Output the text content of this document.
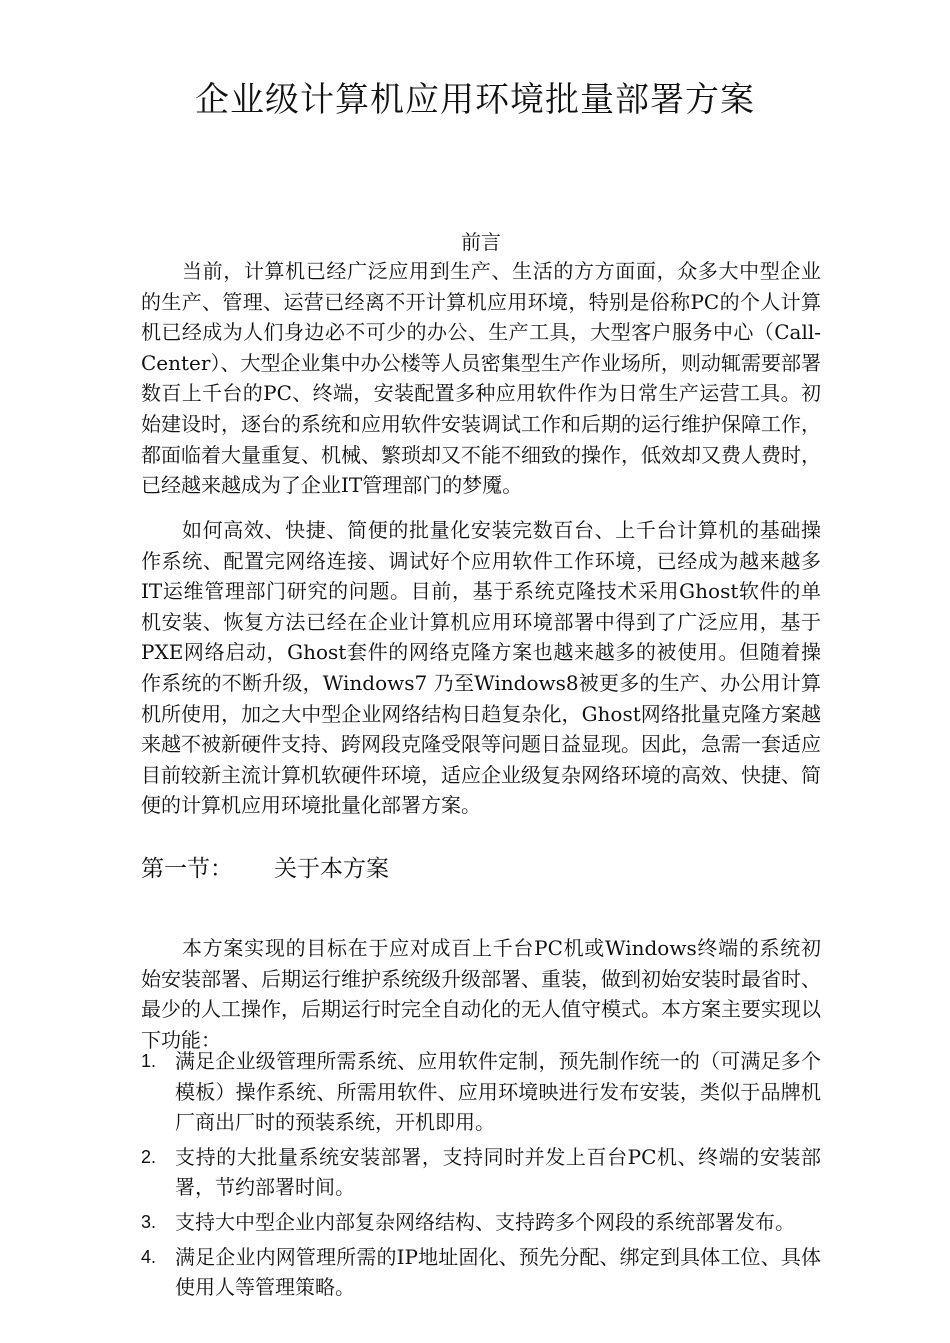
企业级计算机应用环境批量部署方案
前言

当前，计算机已经广泛应用到生产、生活的方方面面，众多大中型企业的生产、管理、运营已经离不开计算机应用环境，特别是俗称PC的个人计算机已经成为人们身边必不可少的办公、生产工具，大型客户服务中心（Call-Center）、大型企业集中办公楼等人员密集型生产作业场所，则动辄需要部署数百上千台的PC、终端，安装配置多种应用软件作为日常生产运营工具。初始建设时，逐台的系统和应用软件安装调试工作和后期的运行维护保障工作，都面临着大量重复、机械、繁琐却又不能不细致的操作，低效却又费人费时，已经越来越成为了企业IT管理部门的梦魇。

如何高效、快捷、简便的批量化安装完数百台、上千台计算机的基础操作系统、配置完网络连接、调试好个应用软件工作环境，已经成为越来越多IT运维管理部门研究的问题。目前，基于系统克隆技术采用Ghost软件的单机安装、恢复方法已经在企业计算机应用环境部署中得到了广泛应用，基于PXE网络启动，Ghost套件的网络克隆方案也越来越多的被使用。但随着操作系统的不断升级，Windows7 乃至Windows8被更多的生产、办公用计算机所使用，加之大中型企业网络结构日趋复杂化，Ghost网络批量克隆方案越来越不被新硬件支持、跨网段克隆受限等问题日益显现。因此，急需一套适应目前较新主流计算机软硬件环境，适应企业级复杂网络环境的高效、快捷、简便的计算机应用环境批量化部署方案。

第一节： 关于本方案

本方案实现的目标在于应对成百上千台PC机或Windows终端的系统初始安装部署、后期运行维护系统级升级部署、重装，做到初始安装时最省时、最少的人工操作，后期运行时完全自动化的无人值守模式。本方案主要实现以下功能：

1. 满足企业级管理所需系统、应用软件定制，预先制作统一的（可满足多个模板）操作系统、所需用软件、应用环境映进行发布安装，类似于品牌机厂商出厂时的预装系统，开机即用。
2. 支持的大批量系统安装部署，支持同时并发上百台PC机、终端的安装部署，节约部署时间。
3. 支持大中型企业内部复杂网络结构、支持跨多个网段的系统部署发布。
4. 满足企业内网管理所需的IP地址固化、预先分配、绑定到具体工位、具体使用人等管理策略。
